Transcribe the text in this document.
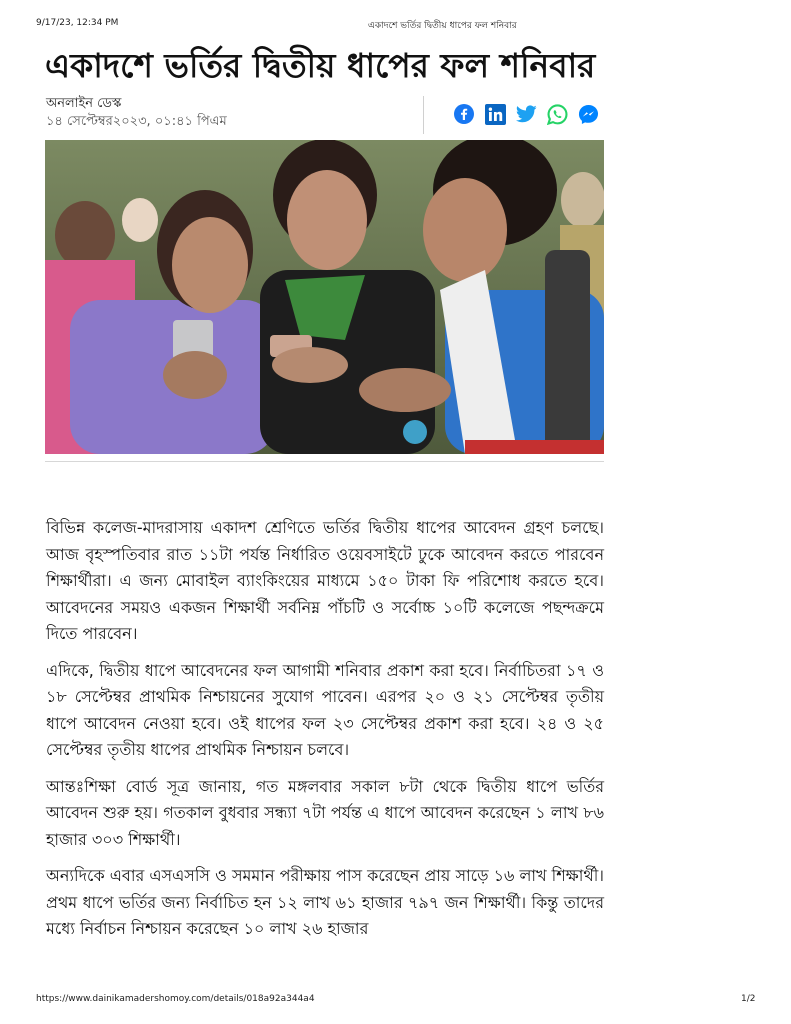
9/17/23, 12:34 PM	একাদশে ভর্তির দ্বিতীয় ধাপের ফল শনিবার
একাদশে ভর্তির দ্বিতীয় ধাপের ফল শনিবার
অনলাইন ডেস্ক
১৪ সেপ্টেম্বর২০২৩, ০১:৪১ পিএম

বিভিন্ন কলেজ-মাদরাসায় একাদশ শ্রেণিতে ভর্তির দ্বিতীয় ধাপের আবেদন গ্রহণ চলছে। আজ বৃহস্পতিবার রাত ১১টা পর্যন্ত নির্ধারিত ওয়েবসাইটে ঢুকে আবেদন করতে পারবেন শিক্ষার্থীরা। এ জন্য মোবাইল ব্যাংকিংয়ের মাধ্যমে ১৫০ টাকা ফি পরিশোধ করতে হবে। আবেদনের সময়ও একজন শিক্ষার্থী সর্বনিম্ন পাঁচটি ও সর্বোচ্চ ১০টি কলেজে পছন্দক্রমে দিতে পারবেন।

এদিকে, দ্বিতীয় ধাপে আবেদনের ফল আগামী শনিবার প্রকাশ করা হবে। নির্বাচিতরা ১৭ ও ১৮ সেপ্টেম্বর প্রাথমিক নিশ্চায়নের সুযোগ পাবেন। এরপর ২০ ও ২১ সেপ্টেম্বর তৃতীয় ধাপে আবেদন নেওয়া হবে। ওই ধাপের ফল ২৩ সেপ্টেম্বর প্রকাশ করা হবে। ২৪ ও ২৫ সেপ্টেম্বর তৃতীয় ধাপের প্রাথমিক নিশ্চায়ন চলবে।

আন্তঃশিক্ষা বোর্ড সূত্র জানায়, গত মঙ্গলবার সকাল ৮টা থেকে দ্বিতীয় ধাপে ভর্তির আবেদন শুরু হয়। গতকাল বুধবার সন্ধ্যা ৭টা পর্যন্ত এ ধাপে আবেদন করেছেন ১ লাখ ৮৬ হাজার ৩০৩ শিক্ষার্থী।

অন্যদিকে এবার এসএসসি ও সমমান পরীক্ষায় পাস করেছেন প্রায় সাড়ে ১৬ লাখ শিক্ষার্থী। প্রথম ধাপে ভর্তির জন্য নির্বাচিত হন ১২ লাখ ৬১ হাজার ৭৯৭ জন শিক্ষার্থী। কিন্তু তাদের মধ্যে নির্বাচন নিশ্চায়ন করেছেন ১০ লাখ ২৬ হাজার

https://www.dainikamadershomoy.com/details/018a92a344a4	1/2
